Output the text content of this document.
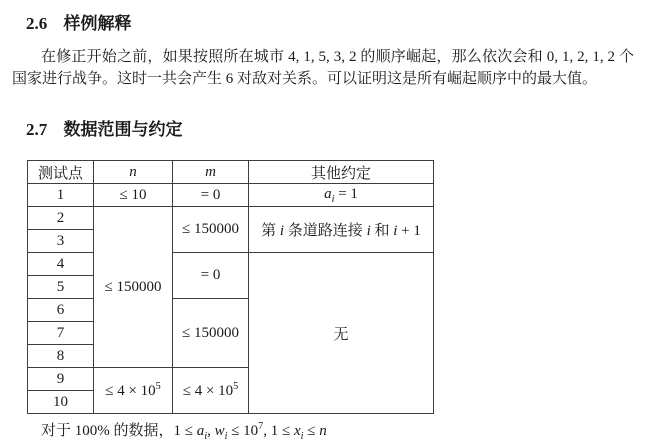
2.6 样例解释

在修正开始之前，如果按照所在城市 4, 1, 5, 3, 2 的顺序崛起，那么依次会和 0, 1, 2, 1, 2 个国家进行战争。这时一共会产生 6 对敌对关系。可以证明这是所有崛起顺序中的最大值。

2.7 数据范围与约定
测试点	n	m	其他约定
1	≤ 10	= 0	$a_i = 1$
2	≤ 150000	≤ 150000	第 i 条道路连接 i 和 i + 1
3			
4		= 0	无
5			
6		≤ 150000	
7			
8			
9	≤ $4 \times 10^5$	≤ $4 \times 10^5$
10			

对于 100% 的数据，$1 \le a_i$, $w_i \le 10^7$, $1 \le x_i \le n$
